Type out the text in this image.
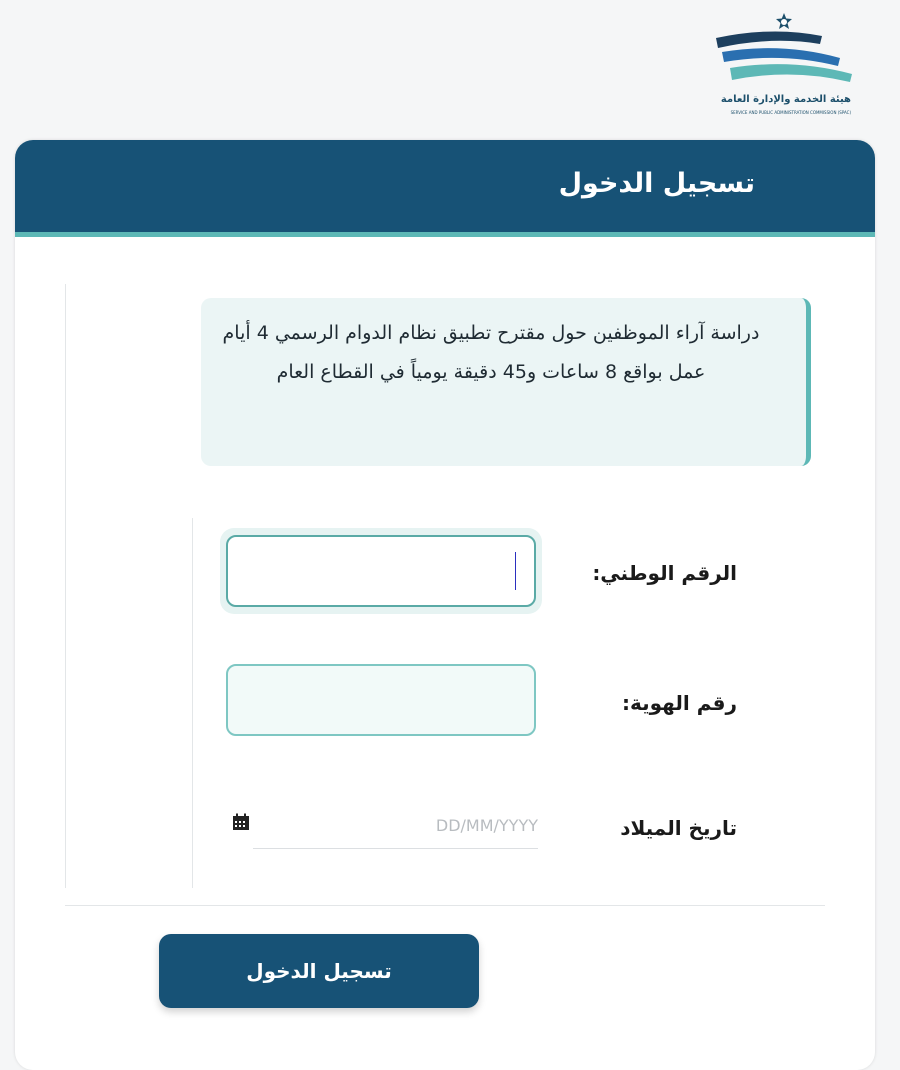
هيئة الخدمة والإدارة العامة
SERVICE AND PUBLIC ADMINISTRATION COMMISSION (SPAC)
تسجيل الدخول
دراسة آراء الموظفين حول مقترح تطبيق نظام الدوام الرسمي 4 أيام عمل بواقع 8 ساعات و45 دقيقة يومياً في القطاع العام
الرقم الوطني:
رقم الهوية:
تاريخ الميلاد
DD/MM/YYYY
تسجيل الدخول
